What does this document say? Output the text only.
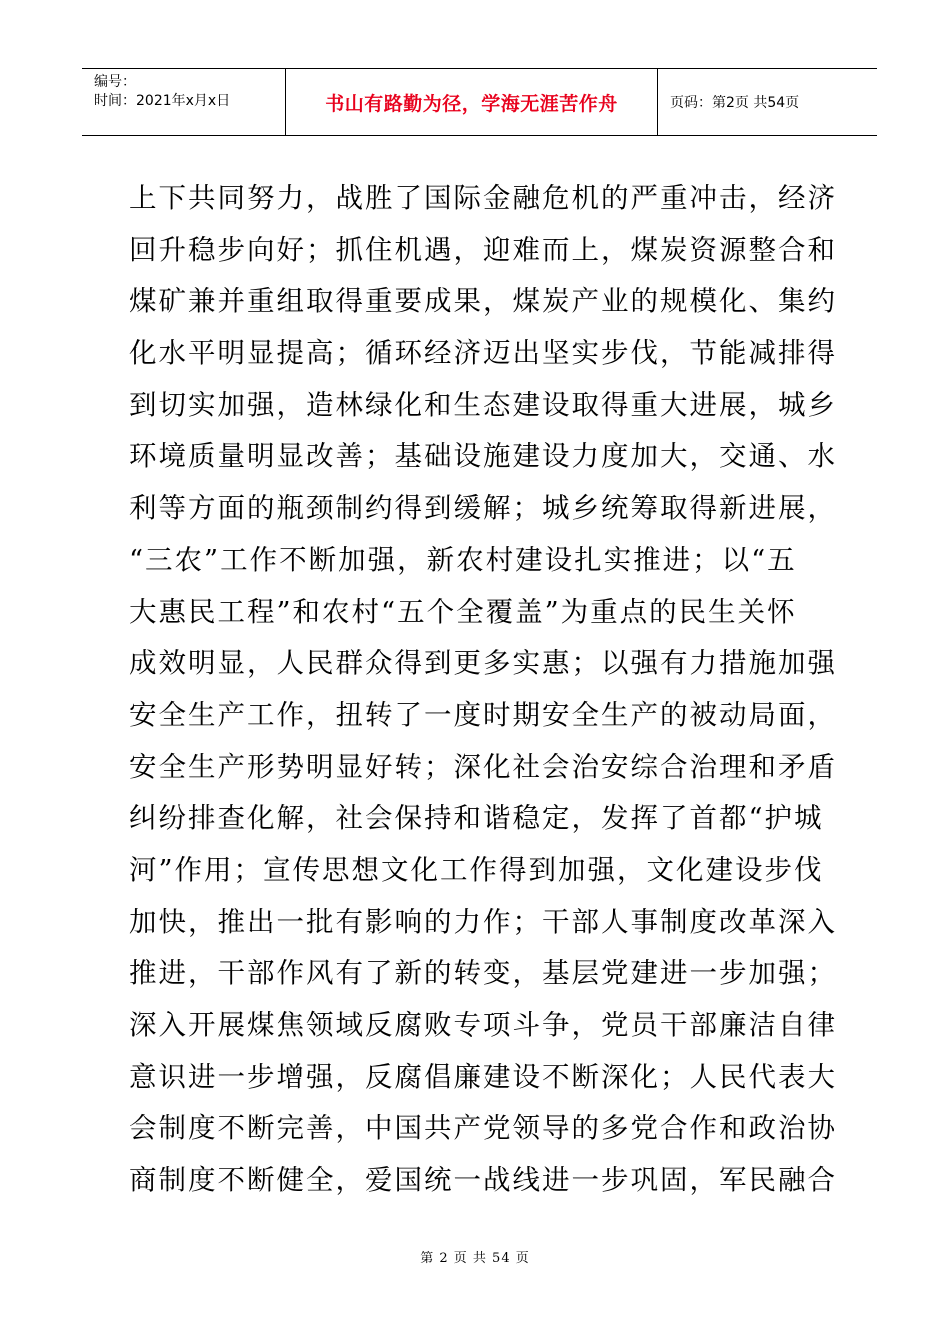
编号：
时间：2021年x月x日	书山有路勤为径，学海无涯苦作舟	页码：第2页 共54页
上下共同努力，战胜了国际金融危机的严重冲击，经济
回升稳步向好；抓住机遇，迎难而上，煤炭资源整合和
煤矿兼并重组取得重要成果，煤炭产业的规模化、集约
化水平明显提高；循环经济迈出坚实步伐，节能减排得
到切实加强，造林绿化和生态建设取得重大进展，城乡
环境质量明显改善；基础设施建设力度加大，交通、水
利等方面的瓶颈制约得到缓解；城乡统筹取得新进展，
“三农”工作不断加强，新农村建设扎实推进；以“五
大惠民工程”和农村“五个全覆盖”为重点的民生关怀
成效明显，人民群众得到更多实惠；以强有力措施加强
安全生产工作，扭转了一度时期安全生产的被动局面，
安全生产形势明显好转；深化社会治安综合治理和矛盾
纠纷排查化解，社会保持和谐稳定，发挥了首都“护城
河”作用；宣传思想文化工作得到加强，文化建设步伐
加快，推出一批有影响的力作；干部人事制度改革深入
推进，干部作风有了新的转变，基层党建进一步加强；
深入开展煤焦领域反腐败专项斗争，党员干部廉洁自律
意识进一步增强，反腐倡廉建设不断深化；人民代表大
会制度不断完善，中国共产党领导的多党合作和政治协
商制度不断健全，爱国统一战线进一步巩固，军民融合
第 2 页 共 54 页
